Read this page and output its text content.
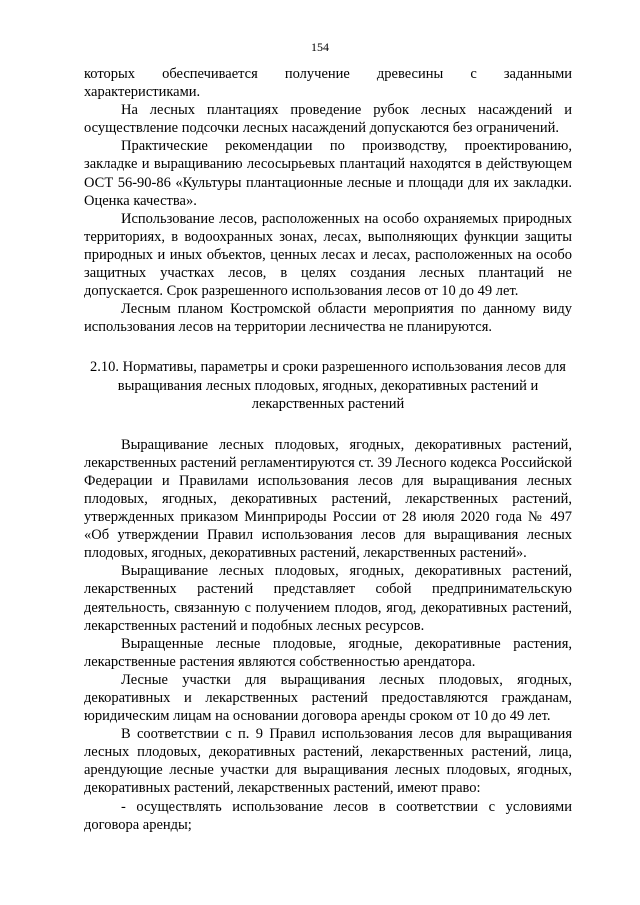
154

которых обеспечивается получение древесины с заданными характеристиками.

На лесных плантациях проведение рубок лесных насаждений и осуществление подсочки лесных насаждений допускаются без ограничений.

Практические рекомендации по производству, проектированию, закладке и выращиванию лесосырьевых плантаций находятся в действующем ОСТ 56-90-86 «Культуры плантационные лесные и площади для их закладки. Оценка качества».

Использование лесов, расположенных на особо охраняемых природных территориях, в водоохранных зонах, лесах, выполняющих функции защиты природных и иных объектов, ценных лесах и лесах, расположенных на особо защитных участках лесов, в целях создания лесных плантаций не допускается. Срок разрешенного использования лесов от 10 до 49 лет.

Лесным планом Костромской области мероприятия по данному виду использования лесов на территории лесничества не планируются.

2.10. Нормативы, параметры и сроки разрешенного использования лесов для выращивания лесных плодовых, ягодных, декоративных растений и лекарственных растений

Выращивание лесных плодовых, ягодных, декоративных растений, лекарственных растений регламентируются ст. 39 Лесного кодекса Российской Федерации и Правилами использования лесов для выращивания лесных плодовых, ягодных, декоративных растений, лекарственных растений, утвержденных приказом Минприроды России от 28 июля 2020 года № 497 «Об утверждении Правил использования лесов для выращивания лесных плодовых, ягодных, декоративных растений, лекарственных растений».

Выращивание лесных плодовых, ягодных, декоративных растений, лекарственных растений представляет собой предпринимательскую деятельность, связанную с получением плодов, ягод, декоративных растений, лекарственных растений и подобных лесных ресурсов.

Выращенные лесные плодовые, ягодные, декоративные растения, лекарственные растения являются собственностью арендатора.

Лесные участки для выращивания лесных плодовых, ягодных, декоративных и лекарственных растений предоставляются гражданам, юридическим лицам на основании договора аренды сроком от 10 до 49 лет.

В соответствии с п. 9 Правил использования лесов для выращивания лесных плодовых, декоративных растений, лекарственных растений, лица, арендующие лесные участки для выращивания лесных плодовых, ягодных, декоративных растений, лекарственных растений, имеют право:

- осуществлять использование лесов в соответствии с условиями договора аренды;
